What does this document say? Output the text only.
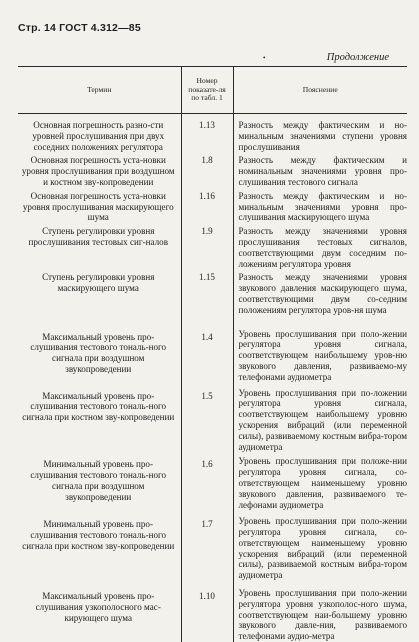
Стр. 14 ГОСТ 4.312—85
•	Продолжение
Термин	Номер показате-ля по табл. 1	Пояснение

Основная погрешность разно-сти уровней прослушивания при двух соседних положениях регулятора	1.13	Разность между фактическим и но-минальным значениями ступени уровня прослушивания
Основная погрешность уста-новки уровня прослушивания при воздушном и костном зву-копроведении	1.8	Разность между фактическим и номинальным значениями уровня про-слушивания тестового сигнала
Основная погрешность уста-новки уровня прослушивания маскирующего шума	1.16	Разность между фактическим и но-минальным значениями уровня про-слушивания маскирующего шума
Ступень регулировки уровня прослушивания тестовых сиг-налов	1.9	Разность между значениями уровня прослушивания тестовых сигналов, соответствующими двум соседним по-ложениям регулятора уровня
Ступень регулировки уровня маскирующего шума	1.15	Разность между значениями уровня звукового давления маскирующего шума, соответствующими двум со-седним положениям регулятора уров-ня шума
Максимальный уровень про-слушивания тестового тональ-ного сигнала при воздушном звукопроведении	1.4	Уровень прослушивания при поло-жении регулятора уровня сигнала, соответствующем наибольшему уров-ню звукового давления, развиваемо-му телефонами аудиометра
Максимальный уровень про-слушивания тестового тональ-ного сигнала при костном зву-копроведении	1.5	Уровень прослушивания при по-ложении регулятора уровня сигнала, соответствующем наибольшему уровню ускорения вибраций (или переменной силы), развиваемому костным вибра-тором аудиометра
Минимальный уровень про-слушивания тестового тональ-ного сигнала при воздушном звукопроведении	1.6	Уровень прослушивания при положе-нии регулятора уровня сигнала, со-ответствующем наименьшему уровню звукового давления, развиваемого те-лефонами аудиометра
Минимальный уровень про-слушивания тестового тональ-ного сигнала при костном зву-копроведении	1.7	Уровень прослушивания при поло-жении регулятора уровня сигнала, со-ответствующем наименьшему уровню ускорения вибраций (или переменной силы), развиваемой костным вибра-тором аудиометра
Максимальный уровень про-слушивания узкополосного мас-кирующего шума	1.10	Уровень прослушивания при поло-жении регулятора уровня узкополос-ного шума, соответствующем наи-большему уровню звукового давле-ния, развиваемого телефонами аудио-метра
